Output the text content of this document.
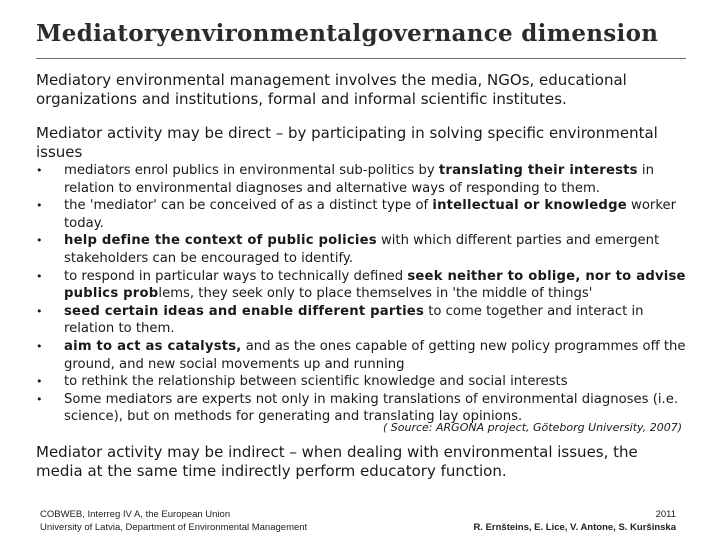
Mediatoryenvironmentalgovernance dimension
Mediatory environmental management involves the media, NGOs, educational organizations and institutions, formal and informal scientific institutes.
Mediator activity may be direct – by participating in solving specific environmental issues
• mediators enrol publics in environmental sub-politics by translating their interests in relation to environmental diagnoses and alternative ways of responding to them.
• the 'mediator' can be conceived of as a distinct type of intellectual or knowledge worker today.
• help define the context of public policies with which different parties and emergent stakeholders can be encouraged to identify.
• to respond in particular ways to technically defined seek neither to oblige, nor to advise publics problems, they seek only to place themselves in 'the middle of things'
• seed certain ideas and enable different parties to come together and interact in relation to them.
• aim to act as catalysts, and as the ones capable of getting new policy programmes off the ground, and new social movements up and running
• to rethink the relationship between scientific knowledge and social interests
• Some mediators are experts not only in making translations of environmental diagnoses (i.e. science), but on methods for generating and translating lay opinions.
( Source: ARGONA project, Göteborg University, 2007)
Mediator activity may be indirect – when dealing with environmental issues, the media at the same time indirectly perform educatory function.
COBWEB, Interreg IV A, the European Union
University of Latvia, Department of Environmental Management
2011
R. Ernšteins, E. Lice, V. Antone, S. Kuršinska
